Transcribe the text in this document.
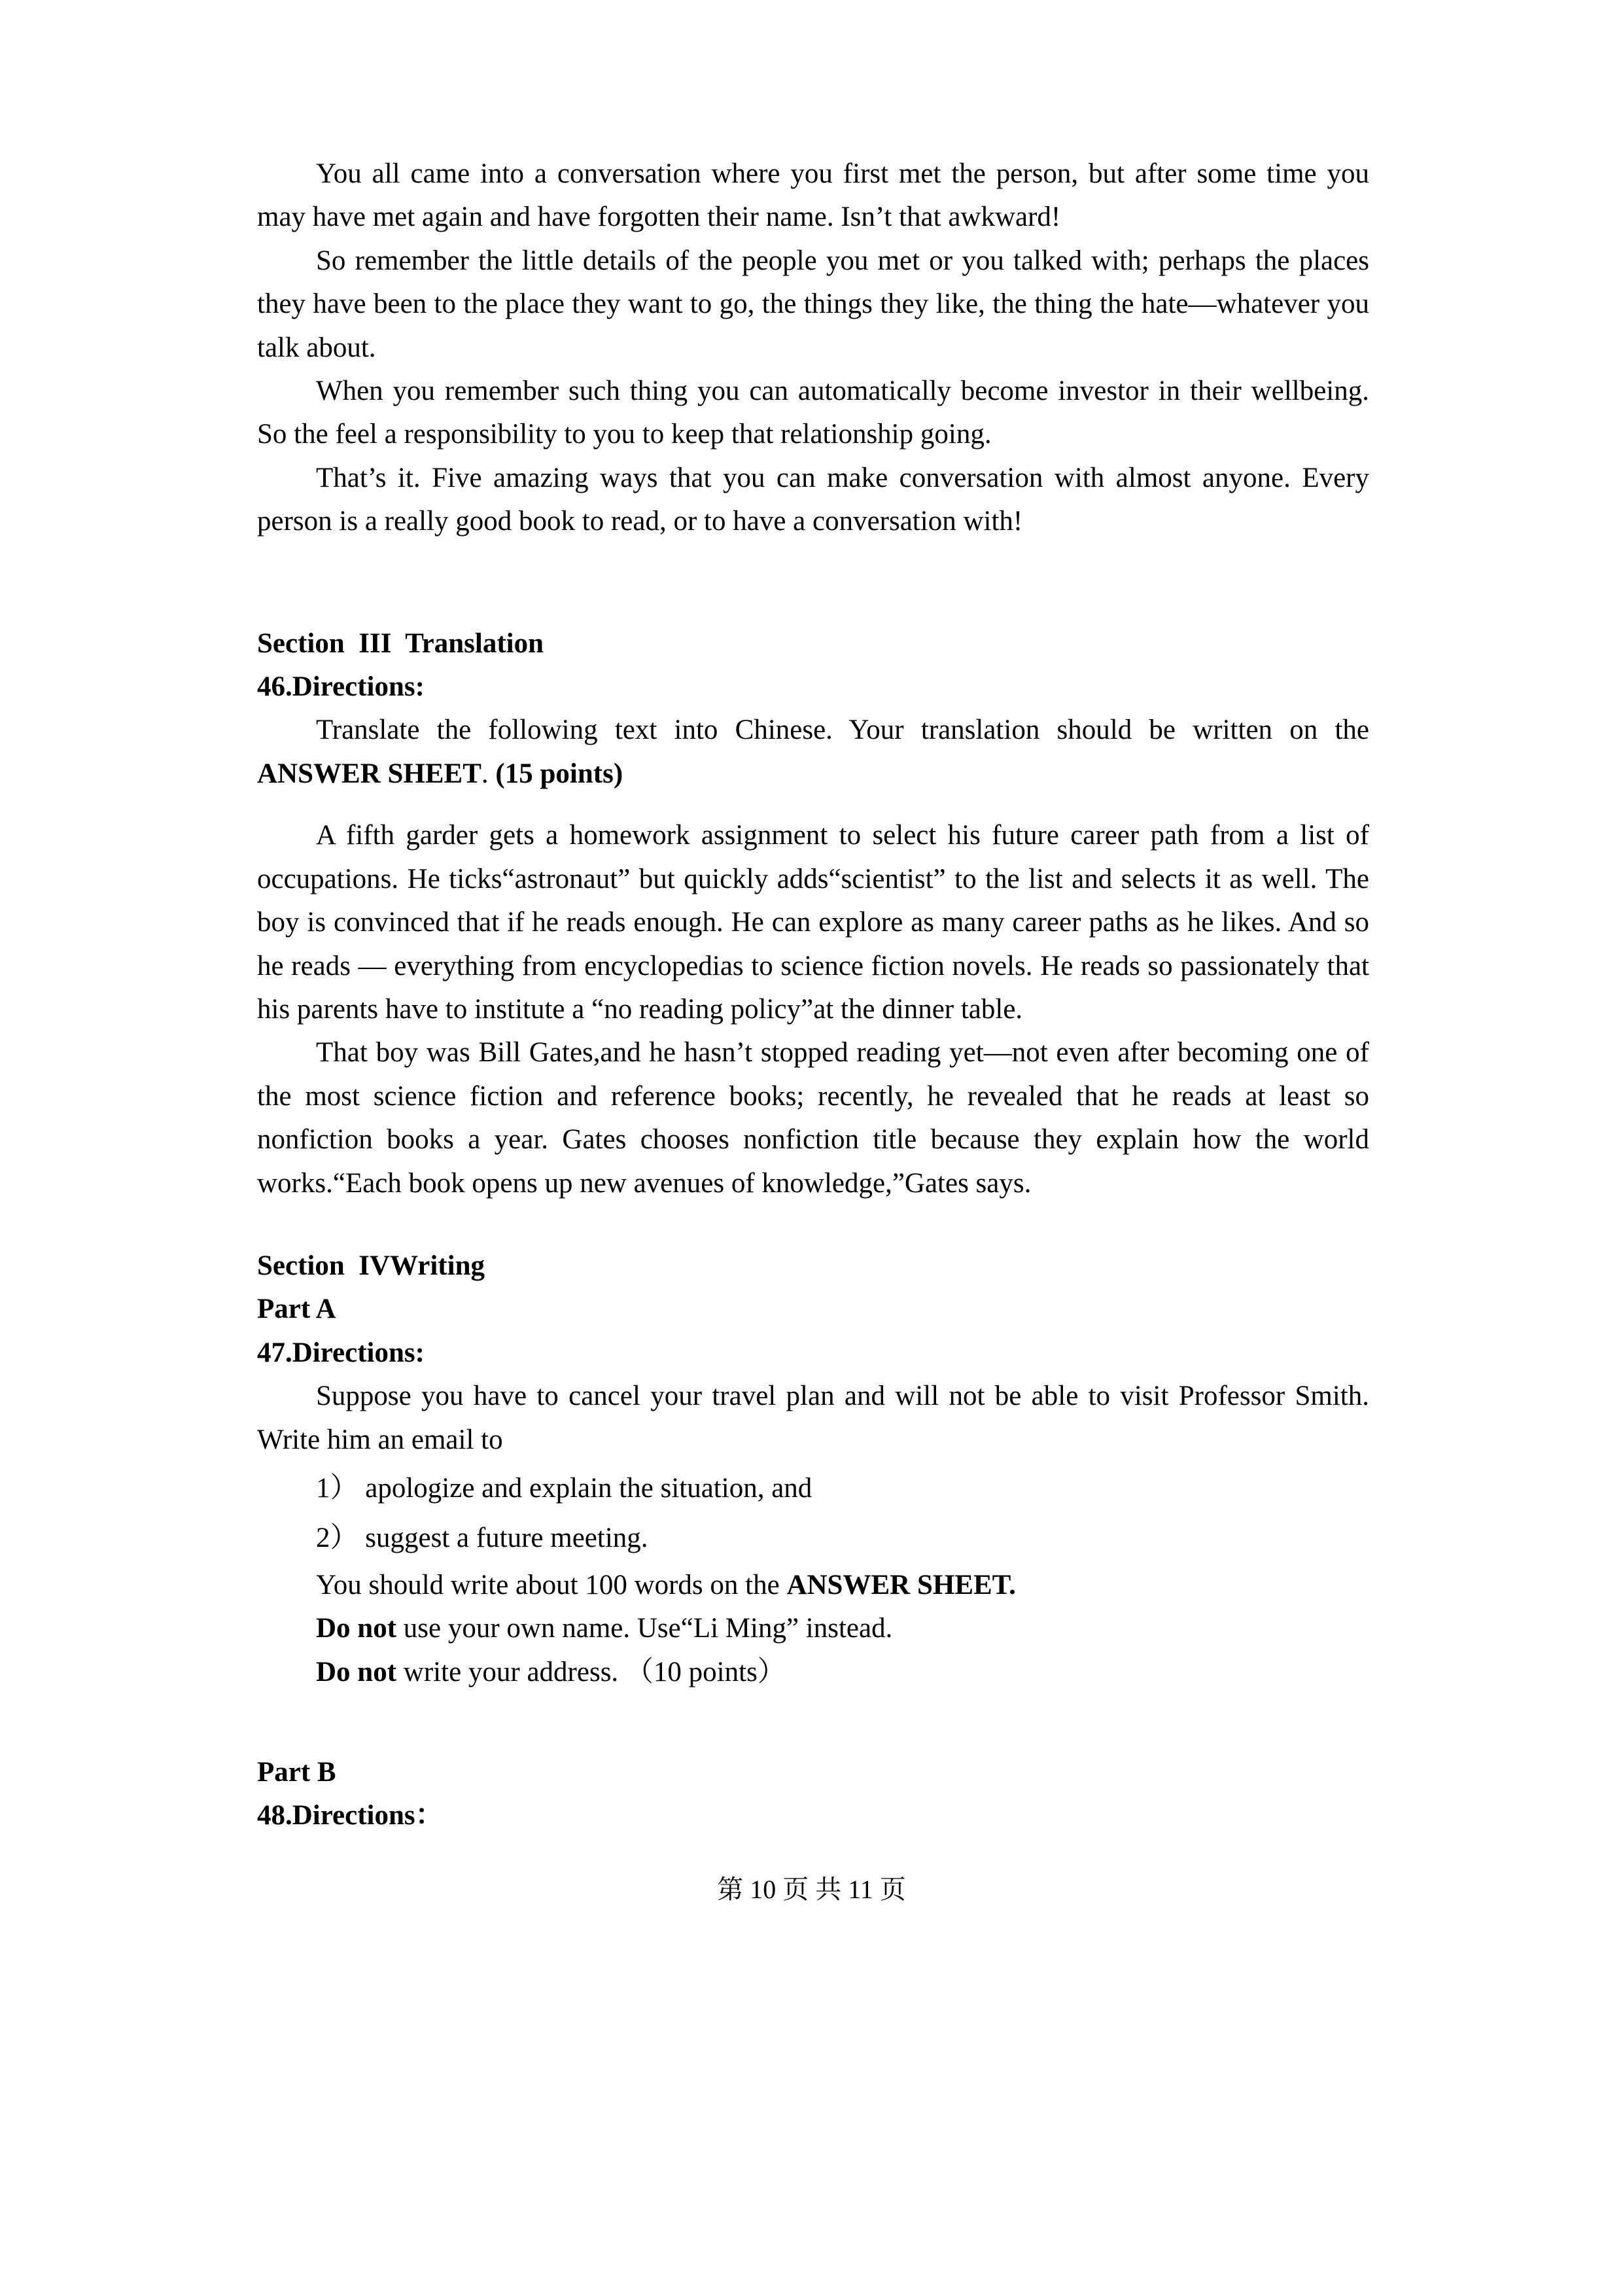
You all came into a conversation where you first met the person, but after some time you may have met again and have forgotten their name. Isn’t that awkward!

So remember the little details of the people you met or you talked with; perhaps the places they have been to the place they want to go, the things they like, the thing the hate—whatever you talk about.

When you remember such thing you can automatically become investor in their wellbeing. So the feel a responsibility to you to keep that relationship going.

That’s it. Five amazing ways that you can make conversation with almost anyone. Every person is a really good book to read, or to have a conversation with!

Section  III  Translation

46.Directions:

Translate the following text into Chinese. Your translation should be written on the ANSWER SHEET. (15 points)

A fifth garder gets a homework assignment to select his future career path from a list of occupations. He ticks“astronaut” but quickly adds“scientist” to the list and selects it as well. The boy is convinced that if he reads enough. He can explore as many career paths as he likes. And so he reads — everything from encyclopedias to science fiction novels. He reads so passionately that his parents have to institute a “no reading policy”at the dinner table.

That boy was Bill Gates,and he hasn’t stopped reading yet—not even after becoming one of the most science fiction and reference books; recently, he revealed that he reads at least so nonfiction books a year. Gates chooses nonfiction title because they explain how the world works.“Each book opens up new avenues of knowledge,”Gates says.

Section  IVWriting

Part A

47.Directions:

Suppose you have to cancel your travel plan and will not be able to visit Professor Smith. Write him an email to

1） apologize and explain the situation, and

2） suggest a future meeting.

You should write about 100 words on the ANSWER SHEET.

Do not use your own name. Use“Li Ming” instead.

Do not write your address. （10 points）

Part B

48.Directions：

第 10 页 共 11 页
